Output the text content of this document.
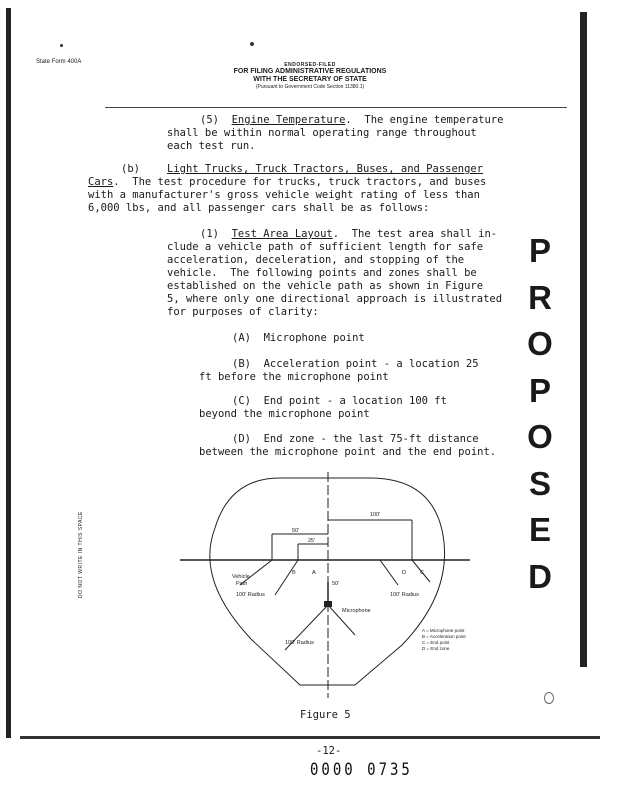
State Form 400A	ENDORSED-FILED
FOR FILING ADMINISTRATIVE REGULATIONS
WITH THE SECRETARY OF STATE
(Pursuant to Government Code Section 11380.1)
(5)  Engine Temperature.  The engine temperature
shall be within normal operating range throughout
each test run.
(b)	Light Trucks, Truck Tractors, Buses, and Passenger
Cars.  The test procedure for trucks, truck tractors, and buses
with a manufacturer's gross vehicle weight rating of less than
6,000 lbs, and all passenger cars shall be as follows:
(1)  Test Area Layout.  The test area shall in-
clude a vehicle path of sufficient length for safe
acceleration, deceleration, and stopping of the
vehicle.  The following points and zones shall be
established on the vehicle path as shown in Figure
5, where only one directional approach is illustrated
for purposes of clarity:
(A)  Microphone point
(B)  Acceleration point - a location 25
ft before the microphone point
(C)  End point - a location 100 ft
beyond the microphone point
(D)  End zone - the last 75-ft distance
between the microphone point and the end point.
P
R
O
P
O
S
E
D
DO NOT WRITE IN THIS SPACE	100'
50'
25'
50'
Vehicle
Path
B	A	D	C
100' Radius	100' Radius
100' Radius
Microphone
A = Microphone point
B = Acceleration point
C = End point
D = End zone
Figure 5
-12-
0000 0735
